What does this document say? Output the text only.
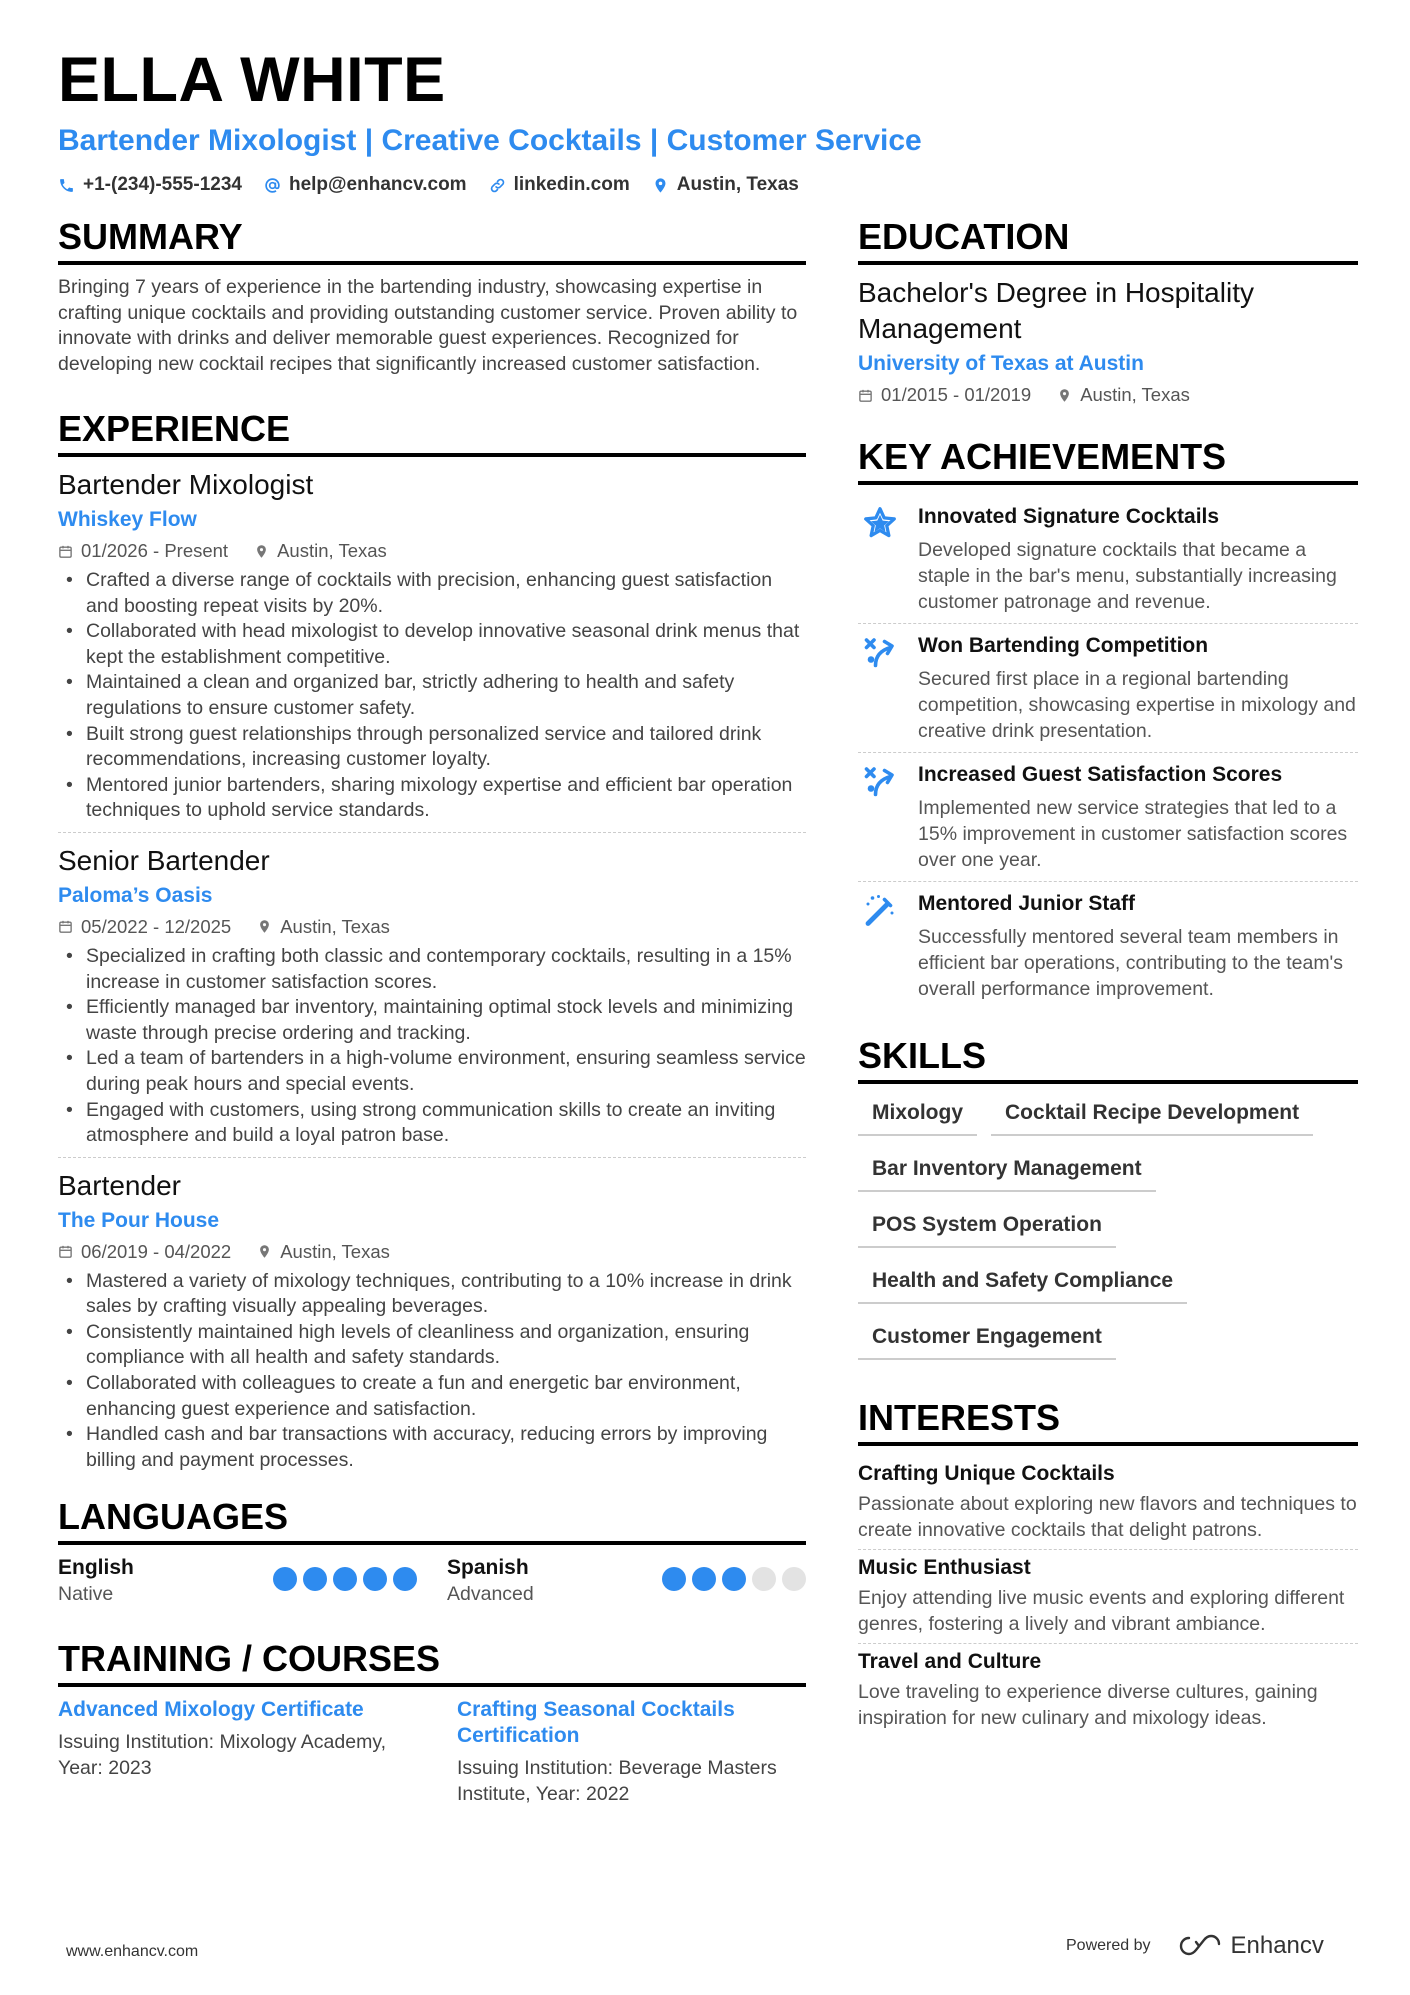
ELLA WHITE
Bartender Mixologist | Creative Cocktails | Customer Service
+1-(234)-555-1234 help@enhancv.com linkedin.com Austin, Texas
SUMMARY
Bringing 7 years of experience in the bartending industry, showcasing expertise in crafting unique cocktails and providing outstanding customer service. Proven ability to innovate with drinks and deliver memorable guest experiences. Recognized for developing new cocktail recipes that significantly increased customer satisfaction.
EXPERIENCE
Bartender Mixologist
Whiskey Flow
01/2026 - Present	Austin, Texas
• Crafted a diverse range of cocktails with precision, enhancing guest satisfaction and boosting repeat visits by 20%.
• Collaborated with head mixologist to develop innovative seasonal drink menus that kept the establishment competitive.
• Maintained a clean and organized bar, strictly adhering to health and safety regulations to ensure customer safety.
• Built strong guest relationships through personalized service and tailored drink recommendations, increasing customer loyalty.
• Mentored junior bartenders, sharing mixology expertise and efficient bar operation techniques to uphold service standards.
Senior Bartender
Paloma’s Oasis
05/2022 - 12/2025	Austin, Texas
• Specialized in crafting both classic and contemporary cocktails, resulting in a 15% increase in customer satisfaction scores.
• Efficiently managed bar inventory, maintaining optimal stock levels and minimizing waste through precise ordering and tracking.
• Led a team of bartenders in a high-volume environment, ensuring seamless service during peak hours and special events.
• Engaged with customers, using strong communication skills to create an inviting atmosphere and build a loyal patron base.
Bartender
The Pour House
06/2019 - 04/2022	Austin, Texas
• Mastered a variety of mixology techniques, contributing to a 10% increase in drink sales by crafting visually appealing beverages.
• Consistently maintained high levels of cleanliness and organization, ensuring compliance with all health and safety standards.
• Collaborated with colleagues to create a fun and energetic bar environment, enhancing guest experience and satisfaction.
• Handled cash and bar transactions with accuracy, reducing errors by improving billing and payment processes.
LANGUAGES
English
Native
Spanish
Advanced
TRAINING / COURSES
Advanced Mixology Certificate
Issuing Institution: Mixology Academy, Year: 2023
Crafting Seasonal Cocktails Certification
Issuing Institution: Beverage Masters Institute, Year: 2022
EDUCATION
Bachelor's Degree in Hospitality Management
University of Texas at Austin
01/2015 - 01/2019	Austin, Texas
KEY ACHIEVEMENTS
Innovated Signature Cocktails
Developed signature cocktails that became a staple in the bar's menu, substantially increasing customer patronage and revenue.
Won Bartending Competition
Secured first place in a regional bartending competition, showcasing expertise in mixology and creative drink presentation.
Increased Guest Satisfaction Scores
Implemented new service strategies that led to a 15% improvement in customer satisfaction scores over one year.
Mentored Junior Staff
Successfully mentored several team members in efficient bar operations, contributing to the team's overall performance improvement.
SKILLS
Mixology	Cocktail Recipe Development
Bar Inventory Management
POS System Operation
Health and Safety Compliance
Customer Engagement
INTERESTS
Crafting Unique Cocktails
Passionate about exploring new flavors and techniques to create innovative cocktails that delight patrons.
Music Enthusiast
Enjoy attending live music events and exploring different genres, fostering a lively and vibrant ambiance.
Travel and Culture
Love traveling to experience diverse cultures, gaining inspiration for new culinary and mixology ideas.
www.enhancv.com	Powered by	Enhancv
